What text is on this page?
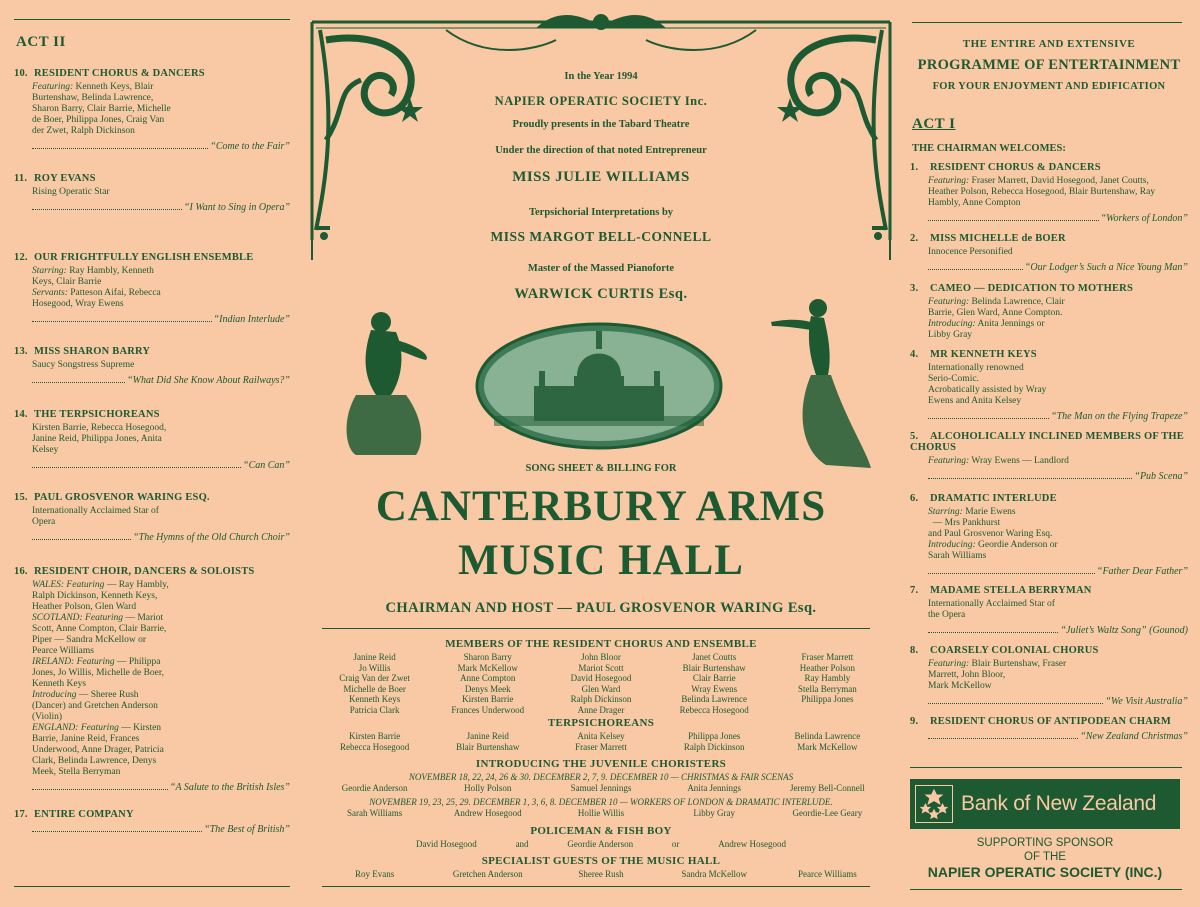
ACT II
10. RESIDENT CHORUS & DANCERS
Featuring: Kenneth Keys, Blair
Burtenshaw, Belinda Lawrence,
Sharon Barry, Clair Barrie, Michelle
de Boer, Philippa Jones, Craig Van
der Zwet, Ralph Dickinson
“Come to the Fair”
11. ROY EVANS
Rising Operatic Star
“I Want to Sing in Opera”
12. OUR FRIGHTFULLY ENGLISH ENSEMBLE
Starring: Ray Hambly, Kenneth
Keys, Clair Barrie
Servants: Patteson Aifai, Rebecca
Hosegood, Wray Ewens
“Indian Interlude”
13. MISS SHARON BARRY
Saucy Songstress Supreme
“What Did She Know About Railways?”
14. THE TERPSICHOREANS
Kirsten Barrie, Rebecca Hosegood,
Janine Reid, Philippa Jones, Anita
Kelsey
“Can Can”
15. PAUL GROSVENOR WARING ESQ.
Internationally Acclaimed Star of
Opera
“The Hymns of the Old Church Choir”
16. RESIDENT CHOIR, DANCERS & SOLOISTS
WALES: Featuring — Ray Hambly,
Ralph Dickinson, Kenneth Keys,
Heather Polson, Glen Ward
SCOTLAND: Featuring — Mariot
Scott, Anne Compton, Clair Barrie,
Piper — Sandra McKellow or
Pearce Williams
IRELAND: Featuring — Philippa
Jones, Jo Willis, Michelle de Boer,
Kenneth Keys
Introducing — Sheree Rush
(Dancer) and Gretchen Anderson
(Violin)
ENGLAND: Featuring — Kirsten
Barrie, Janine Reid, Frances
Underwood, Anne Drager, Patricia
Clark, Belinda Lawrence, Denys
Meek, Stella Berryman
“A Salute to the British Isles”
17. ENTIRE COMPANY
“The Best of British”
THE ENTIRE AND EXTENSIVE
PROGRAMME OF ENTERTAINMENT
FOR YOUR ENJOYMENT AND EDIFICATION
ACT I
THE CHAIRMAN WELCOMES:
1. RESIDENT CHORUS & DANCERS
Featuring: Fraser Marrett, David Hosegood, Janet Coutts,
Heather Polson, Rebecca Hosegood, Blair Burtenshaw, Ray
Hambly, Anne Compton
“Workers of London”
2. MISS MICHELLE de BOER
Innocence Personified
“Our Lodger’s Such a Nice Young Man”
3. CAMEO — DEDICATION TO MOTHERS
Featuring: Belinda Lawrence, Clair
Barrie, Glen Ward, Anne Compton.
Introducing: Anita Jennings or
Libby Gray
4. MR KENNETH KEYS
Internationally renowned
Serio-Comic.
Acrobatically assisted by Wray
Ewens and Anita Kelsey
“The Man on the Flying Trapeze”
5. ALCOHOLICALLY INCLINED MEMBERS OF THE CHORUS
Featuring: Wray Ewens — Landlord
“Pub Scena”
6. DRAMATIC INTERLUDE
Starring: Marie Ewens
— Mrs Pankhurst
and Paul Grosvenor Waring Esq.
Introducing: Geordie Anderson or
Sarah Williams
“Father Dear Father”
7. MADAME STELLA BERRYMAN
Internationally Acclaimed Star of
the Opera
“Juliet’s Waltz Song” (Gounod)
8. COARSELY COLONIAL CHORUS
Featuring: Blair Burtenshaw, Fraser
Marrett, John Bloor,
Mark McKellow
“We Visit Australia”
9. RESIDENT CHORUS OF ANTIPODEAN CHARM
“New Zealand Christmas”
In the Year 1994
NAPIER OPERATIC SOCIETY Inc.
Proudly presents in the Tabard Theatre
Under the direction of that noted Entrepreneur
MISS JULIE WILLIAMS
Terpsichorial Interpretations by
MISS MARGOT BELL-CONNELL
Master of the Massed Pianoforte
WARWICK CURTIS Esq.
SONG SHEET & BILLING FOR
CANTERBURY ARMS
MUSIC HALL
CHAIRMAN AND HOST — PAUL GROSVENOR WARING Esq.
MEMBERS OF THE RESIDENT CHORUS AND ENSEMBLE
Janine Reid	Sharon Barry	John Bloor	Janet Coutts	Fraser Marrett
Jo Willis	Mark McKellow	Mariot Scott	Blair Burtenshaw	Heather Polson
Craig Van der Zwet	Anne Compton	David Hosegood	Clair Barrie	Ray Hambly
Michelle de Boer	Denys Meek	Glen Ward	Wray Ewens	Stella Berryman
Kenneth Keys	Kirsten Barrie	Ralph Dickinson	Belinda Lawrence	Philippa Jones
Patricia Clark	Frances Underwood	Anne Drager	Rebecca Hosegood
TERPSICHOREANS
Kirsten Barrie	Janine Reid	Anita Kelsey	Philippa Jones	Belinda Lawrence
Rebecca Hosegood	Blair Burtenshaw	Fraser Marrett	Ralph Dickinson	Mark McKellow
INTRODUCING THE JUVENILE CHORISTERS
NOVEMBER 18, 22, 24, 26 & 30. DECEMBER 2, 7, 9. DECEMBER 10 — CHRISTMAS & FAIR SCENAS
Geordie Anderson	Holly Polson	Samuel Jennings	Anita Jennings	Jeremy Bell-Connell
NOVEMBER 19, 23, 25, 29. DECEMBER 1, 3, 6, 8. DECEMBER 10 — WORKERS OF LONDON & DRAMATIC INTERLUDE.
Sarah Williams	Andrew Hosegood	Hollie Willis	Libby Gray	Geordie-Lee Geary
POLICEMAN & FISH BOY
David Hosegood	and	Geordie Anderson	or	Andrew Hosegood
SPECIALIST GUESTS OF THE MUSIC HALL
Roy Evans	Gretchen Anderson	Sheree Rush	Sandra McKellow	Pearce Williams
Bank of New Zealand
SUPPORTING SPONSOR
OF THE
NAPIER OPERATIC SOCIETY (INC.)
